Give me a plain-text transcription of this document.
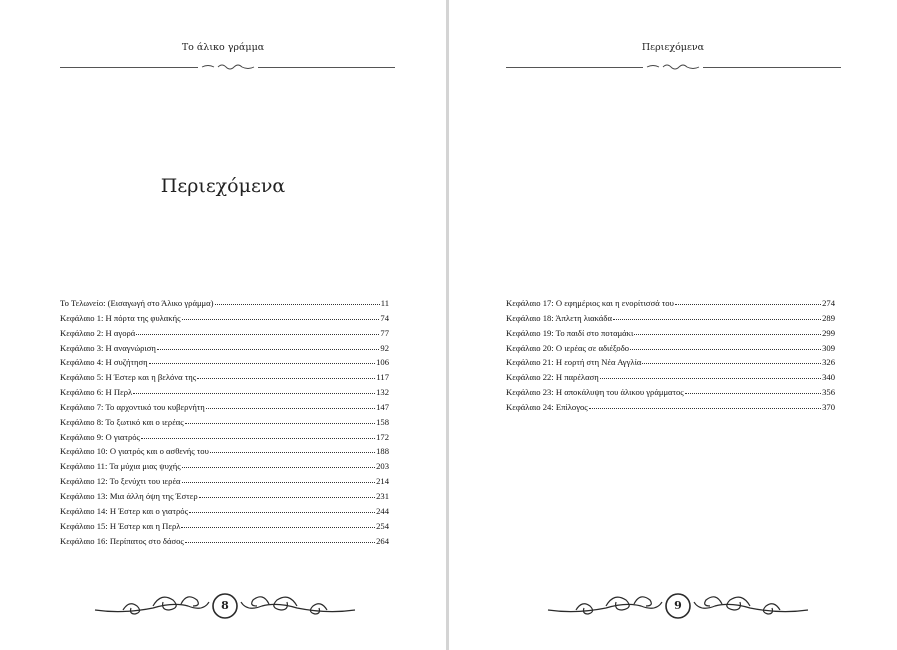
Το άλικο γράμμα
Περιεχόμενα
Το Τελωνείο: (Εισαγωγή στο Άλικο γράμμα)	11
Κεφάλαιο 1: Η πόρτα της φυλακής	74
Κεφάλαιο 2: Η αγορά	77
Κεφάλαιο 3: Η αναγνώριση	92
Κεφάλαιο 4: Η συζήτηση	106
Κεφάλαιο 5: Η Έστερ και η βελόνα της	117
Κεφάλαιο 6: Η Περλ	132
Κεφάλαιο 7: Το αρχοντικό του κυβερνήτη	147
Κεφάλαιο 8: Το ξωτικό και ο ιερέας	158
Κεφάλαιο 9: Ο γιατρός	172
Κεφάλαιο 10: Ο γιατρός και ο ασθενής του	188
Κεφάλαιο 11: Τα μύχια μιας ψυχής	203
Κεφάλαιο 12: Το ξενύχτι του ιερέα	214
Κεφάλαιο 13: Μια άλλη όψη της Έστερ	231
Κεφάλαιο 14: Η Έστερ και ο γιατρός	244
Κεφάλαιο 15: Η Έστερ και η Περλ	254
Κεφάλαιο 16: Περίπατος στο δάσος	264
8
Περιεχόμενα
Κεφάλαιο 17: Ο εφημέριος και η ενορίτισσά του	274
Κεφάλαιο 18: Άπλετη λιακάδα	289
Κεφάλαιο 19: Το παιδί στο ποταμάκι	299
Κεφάλαιο 20: Ο ιερέας σε αδιέξοδο	309
Κεφάλαιο 21: Η εορτή στη Νέα Αγγλία	326
Κεφάλαιο 22: Η παρέλαση	340
Κεφάλαιο 23: Η αποκάλυψη του άλικου γράμματος	356
Κεφάλαιο 24: Επίλογος	370
9
